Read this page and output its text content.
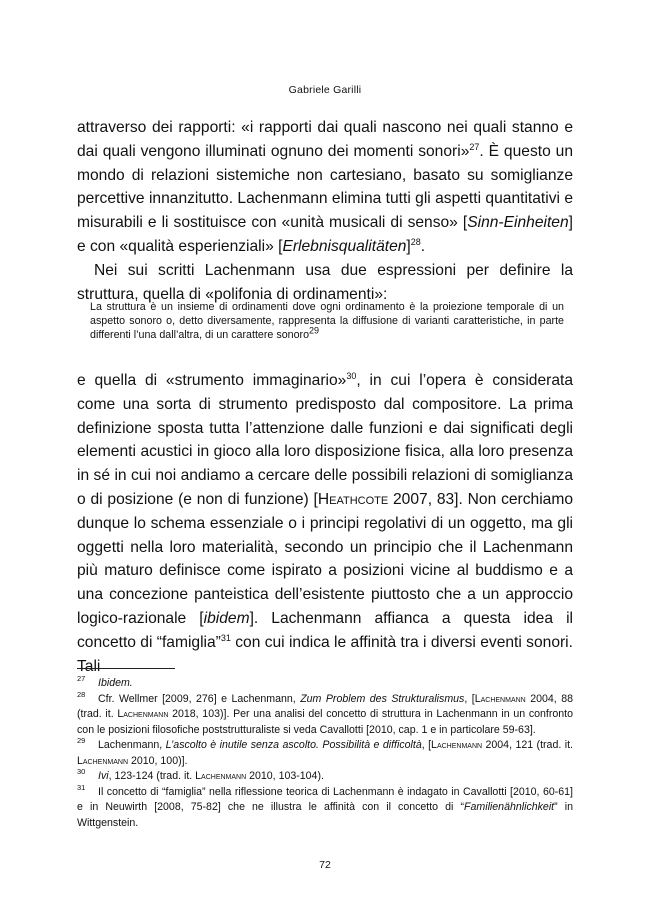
Gabriele Garilli

attraverso dei rapporti: «i rapporti dai quali nascono nei quali stanno e dai quali vengono illuminati ognuno dei momenti sonori»$^{27}$. È questo un mondo di relazioni sistemiche non cartesiano, basato su somiglianze percettive innanzitutto. Lachenmann elimina tutti gli aspetti quantitativi e misurabili e li sostituisce con «unità musicali di senso» [Sinn-Einheiten] e con «qualità esperienziali» [Erlebnisqualitäten]$^{28}$.

Nei sui scritti Lachenmann usa due espressioni per definire la struttura, quella di «polifonia di ordinamenti»:

La struttura è un insieme di ordinamenti dove ogni ordinamento è la proiezione temporale di un aspetto sonoro o, detto diversamente, rappresenta la diffusione di varianti caratteristiche, in parte differenti l’una dall’altra, di un carattere sonoro$^{29}$

e quella di «strumento immaginario»$^{30}$, in cui l’opera è considerata come una sorta di strumento predisposto dal compositore. La prima definizione sposta tutta l’attenzione dalle funzioni e dai significati degli elementi acustici in gioco alla loro disposizione fisica, alla loro presenza in sé in cui noi andiamo a cercare delle possibili relazioni di somiglianza o di posizione (e non di funzione) [Heathcote 2007, 83]. Non cerchiamo dunque lo schema essenziale o i principi regolativi di un oggetto, ma gli oggetti nella loro materialità, secondo un principio che il Lachenmann più maturo definisce come ispirato a posizioni vicine al buddismo e a una concezione panteistica dell’esistente piuttosto che a un approccio logico-razionale [ibidem]. Lachenmann affianca a questa idea il concetto di “famiglia”$^{31}$ con cui indica le affinità tra i diversi eventi sonori. Tali

27 Ibidem.

28 Cfr. Wellmer [2009, 276] e Lachenmann, Zum Problem des Strukturalismus, [Lachenmann 2004, 88 (trad. it. Lachenmann 2018, 103)]. Per una analisi del concetto di struttura in Lachenmann in un confronto con le posizioni filosofiche poststrutturaliste si veda Cavallotti [2010, cap. 1 e in particolare 59-63].

29 Lachenmann, L’ascolto è inutile senza ascolto. Possibilità e difficoltà, [Lachenmann 2004, 121 (trad. it. Lachenmann 2010, 100)].

30 Ivi, 123-124 (trad. it. Lachenmann 2010, 103-104).

31 Il concetto di “famiglia” nella riflessione teorica di Lachenmann è indagato in Cavallotti [2010, 60-61] e in Neuwirth [2008, 75-82] che ne illustra le affinità con il concetto di “Familienähnlichkeit” in Wittgenstein.

72
